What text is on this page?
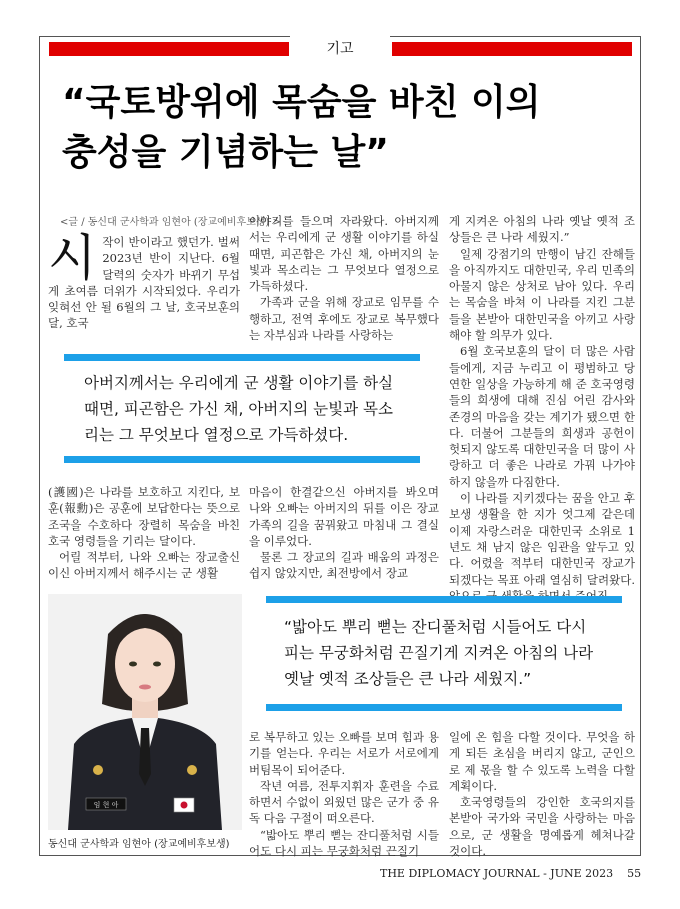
기고
“국토방위에 목숨을 바친 이의
충성을 기념하는 날”
<글 / 동신대 군사학과 임현아 (장교예비후보생) >

시작이 반이라고 했던가. 벌써 2023년 반이 지난다. 6월 달력의 숫자가 바뀌기 무섭게 초여름 더위가 시작되었다. 우리가 잊혀선 안 될 6월의 그 날, 호국보훈의 달, 호국

이야기를 들으며 자라왔다. 아버지께서는 우리에게 군 생활 이야기를 하실 때면, 피곤함은 가신 채, 아버지의 눈빛과 목소리는 그 무엇보다 열정으로 가득하셨다.

가족과 군을 위해 장교로 임무를 수행하고, 전역 후에도 장교로 복무했다는 자부심과 나라를 사랑하는

게 지켜온 아침의 나라 옛날 옛적 조상들은 큰 나라 세웠지.”

일제 강점기의 만행이 남긴 잔해들을 아직까지도 대한민국, 우리 민족의 아물지 않은 상처로 남아 있다. 우리는 목숨을 바쳐 이 나라를 지킨 그분들을 본받아 대한민국을 아끼고 사랑해야 할 의무가 있다.

6월 호국보훈의 달이 더 많은 사람들에게, 지금 누리고 이 평범하고 당연한 일상을 가능하게 해 준 호국영령들의 희생에 대해 진심 어린 감사와 존경의 마음을 갖는 계기가 됐으면 한다. 더불어 그분들의 희생과 공헌이 헛되지 않도록 대한민국을 더 많이 사랑하고 더 좋은 나라로 가꿔 나가야 하지 않을까 다짐한다.

이 나라를 지키겠다는 꿈을 안고 후보생 생활을 한 지가 엇그제 같은데 이제 자랑스러운 대한민국 소위로 1년도 채 남지 않은 임관을 앞두고 있다. 어렸을 적부터 대한민국 장교가 되겠다는 목표 아래 열심히 달려왔다.

아버지께서는 우리에게 군 생활 이야기를 하실
때면, 피곤함은 가신 채, 아버지의 눈빛과 목소
리는 그 무엇보다 열정으로 가득하셨다.

(護國)은 나라를 보호하고 지킨다, 보훈(報勳)은 공훈에 보답한다는 뜻으로 조국을 수호하다 장렬히 목숨을 바친 호국 영령들을 기리는 달이다.

어릴 적부터, 나와 오빠는 장교출신이신 아버지께서 해주시는 군 생활

마음이 한결같으신 아버지를 봐오며 나와 오빠는 아버지의 뒤를 이은 장교가족의 길을 꿈꿔왔고 마침내 그 결실을 이루었다.

물론 그 장교의 길과 배움의 과정은 쉽지 않았지만, 최전방에서 장교

“밟아도 뿌리 뻗는 잔디풀처럼 시들어도 다시
피는 무궁화처럼 끈질기게 지켜온 아침의 나라
옛날 옛적 조상들은 큰 나라 세웠지.”
임 현 아
동신대 군사학과 임현아 (장교예비후보생)

로 복무하고 있는 오빠를 보며 힘과 용기를 얻는다. 우리는 서로가 서로에게 버팀목이 되어준다.

작년 여름, 전투지휘자 훈련을 수료하면서 수없이 외웠던 많은 군가 중 유독 다음 구절이 떠오른다.

“밟아도 뿌리 뻗는 잔디풀처럼 시들어도 다시 피는 무궁화처럼 끈질기

일에 온 힘을 다할 것이다. 무엇을 하게 되든 초심을 버리지 않고, 군인으로 제 몫을 할 수 있도록 노력을 다할 계획이다.

호국영령들의 강인한 호국의지를 본받아 국가와 국민을 사랑하는 마음으로, 군 생활을 명예롭게 헤쳐나갈 것이다.

THE DIPLOMACY JOURNAL - JUNE 2023 55
